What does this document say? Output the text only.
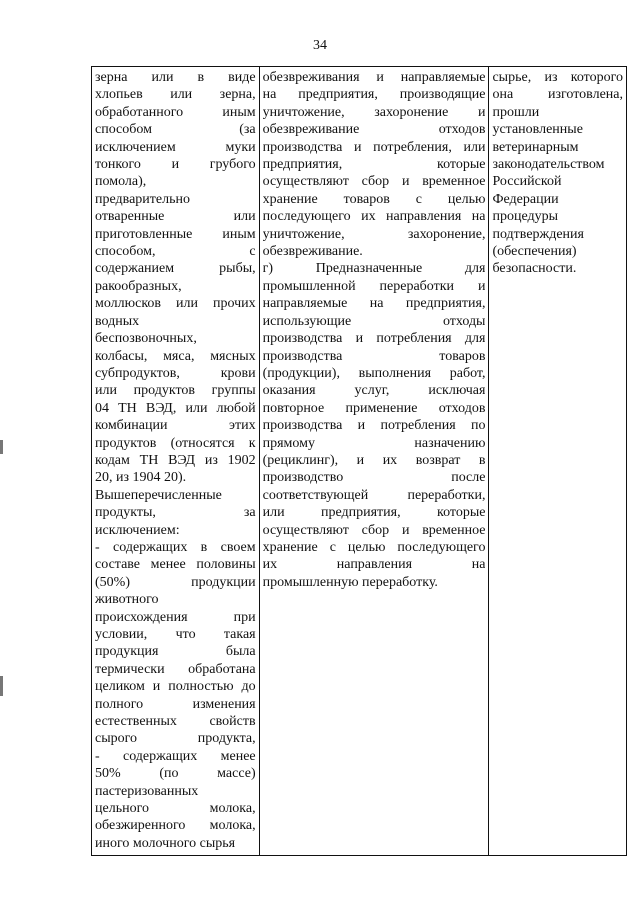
34
зерна или в виде
хлопьев или зерна,
обработанного иным
способом (за
исключением муки
тонкого и грубого
помола),
предварительно
отваренные или
приготовленные иным
способом, с
содержанием рыбы,
ракообразных,
моллюсков или прочих
водных
беспозвоночных,
колбасы, мяса, мясных
субпродуктов, крови
или продуктов группы
04 ТН ВЭД, или любой
комбинации этих
продуктов (относятся к
кодам ТН ВЭД из 1902
20, из 1904 20).
Вышеперечисленные
продукты, за
исключением:
- содержащих в своем
составе менее половины
(50%) продукции
животного
происхождения при
условии, что такая
продукция была
термически обработана
целиком и полностью до
полного изменения
естественных свойств
сырого продукта,
- содержащих менее
50% (по массе)
пастеризованных
цельного молока,
обезжиренного молока,
иного молочного сырья

обезвреживания и направляемые
на предприятия, производящие
уничтожение, захоронение и
обезвреживание отходов
производства и потребления, или
предприятия, которые
осуществляют сбор и временное
хранение товаров с целью
последующего их направления на
уничтожение, захоронение,
обезвреживание.
г) Предназначенные для
промышленной переработки и
направляемые на предприятия,
использующие отходы
производства и потребления для
производства товаров
(продукции), выполнения работ,
оказания услуг, исключая
повторное применение отходов
производства и потребления по
прямому назначению
(рециклинг), и их возврат в
производство после
соответствующей переработки,
или предприятия, которые
осуществляют сбор и временное
хранение с целью последующего
их направления на
промышленную переработку.

сырье, из которого
она изготовлена,
прошли
установленные
ветеринарным
законодательством
Российской
Федерации
процедуры
подтверждения
(обеспечения)
безопасности.
